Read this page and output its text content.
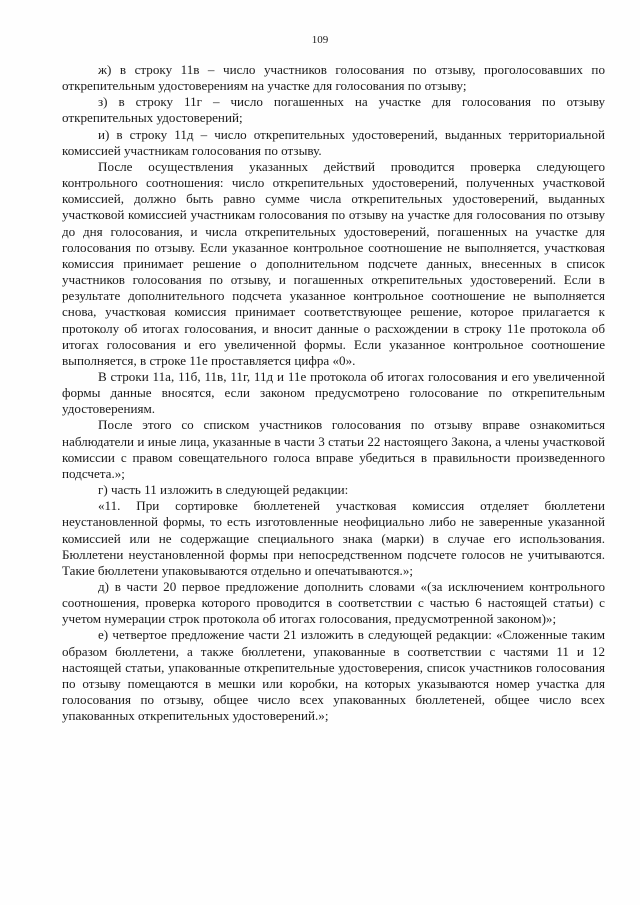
109

ж) в строку 11в – число участников голосования по отзыву, проголосовавших по открепительным удостоверениям на участке для голосования по отзыву;

з) в строку 11г – число погашенных на участке для голосования по отзыву открепительных удостоверений;

и) в строку 11д – число открепительных удостоверений, выданных территориальной комиссией участникам голосования по отзыву.

После осуществления указанных действий проводится проверка следующего контрольного соотношения: число открепительных удостоверений, полученных участковой комиссией, должно быть равно сумме числа открепительных удостоверений, выданных участковой комиссией участникам голосования по отзыву на участке для голосования по отзыву до дня голосования, и числа открепительных удостоверений, погашенных на участке для голосования по отзыву. Если указанное контрольное соотношение не выполняется, участковая комиссия принимает решение о дополнительном подсчете данных, внесенных в список участников голосования по отзыву, и погашенных открепительных удостоверений. Если в результате дополнительного подсчета указанное контрольное соотношение не выполняется снова, участковая комиссия принимает соответствующее решение, которое прилагается к протоколу об итогах голосования, и вносит данные о расхождении в строку 11е протокола об итогах голосования и его увеличенной формы. Если указанное контрольное соотношение выполняется, в строке 11е проставляется цифра «0».

В строки 11а, 11б, 11в, 11г, 11д и 11е протокола об итогах голосования и его увеличенной формы данные вносятся, если законом предусмотрено голосование по открепительным удостоверениям.

После этого со списком участников голосования по отзыву вправе ознакомиться наблюдатели и иные лица, указанные в части 3 статьи 22 настоящего Закона, а члены участковой комиссии с правом совещательного голоса вправе убедиться в правильности произведенного подсчета.»;

г) часть 11 изложить в следующей редакции:

«11. При сортировке бюллетеней участковая комиссия отделяет бюллетени неустановленной формы, то есть изготовленные неофициально либо не заверенные указанной комиссией или не содержащие специального знака (марки) в случае его использования. Бюллетени неустановленной формы при непосредственном подсчете голосов не учитываются. Такие бюллетени упаковываются отдельно и опечатываются.»;

д) в части 20 первое предложение дополнить словами «(за исключением контрольного соотношения, проверка которого проводится в соответствии с частью 6 настоящей статьи) с учетом нумерации строк протокола об итогах голосования, предусмотренной законом)»;

е) четвертое предложение части 21 изложить в следующей редакции: «Сложенные таким образом бюллетени, а также бюллетени, упакованные в соответствии с частями 11 и 12 настоящей статьи, упакованные открепительные удостоверения, список участников голосования по отзыву помещаются в мешки или коробки, на которых указываются номер участка для голосования по отзыву, общее число всех упакованных бюллетеней, общее число всех упакованных открепительных удостоверений.»;
